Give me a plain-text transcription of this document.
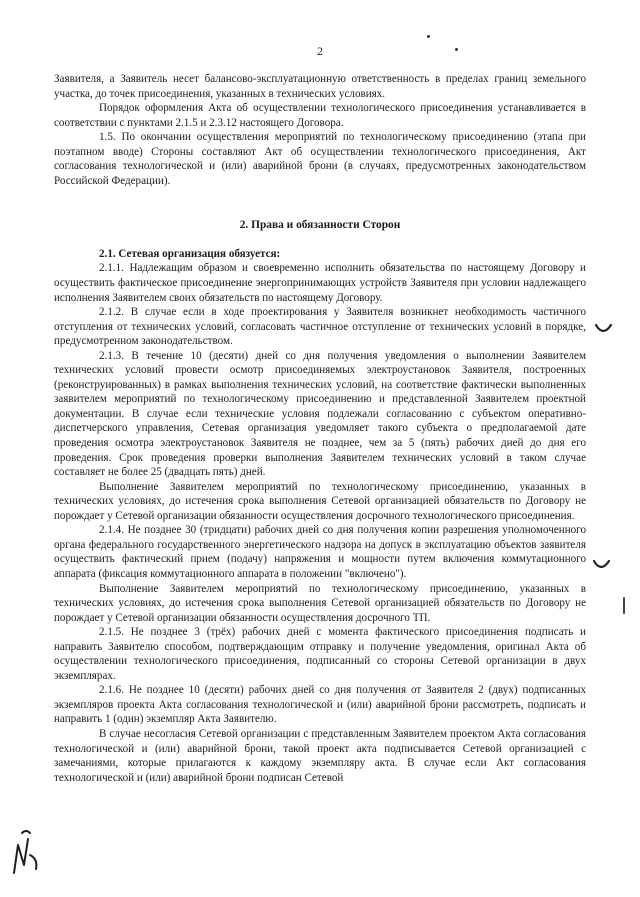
2

Заявителя, а Заявитель несет балансово-эксплуатационную ответственность в пределах границ земельного участка, до точек присоединения, указанных в технических условиях.

Порядок оформления Акта об осуществлении технологического присоединения устанавливается в соответствии с пунктами 2.1.5 и 2.3.12 настоящего Договора.

1.5. По окончании осуществления мероприятий по технологическому присоединению (этапа при поэтапном вводе) Стороны составляют Акт об осуществлении технологического присоединения, Акт согласования технологической и (или) аварийной брони (в случаях, предусмотренных законодательством Российской Федерации).

2. Права и обязанности Сторон

2.1. Сетевая организация обязуется:

2.1.1. Надлежащим образом и своевременно исполнить обязательства по настоящему Договору и осуществить фактическое присоединение энергопринимающих устройств Заявителя при условии надлежащего исполнения Заявителем своих обязательств по настоящему Договору.

2.1.2. В случае если в ходе проектирования у Заявителя возникнет необходимость частичного отступления от технических условий, согласовать частичное отступление от технических условий в порядке, предусмотренном законодательством.

2.1.3. В течение 10 (десяти) дней со дня получения уведомления о выполнении Заявителем технических условий провести осмотр присоединяемых электроустановок Заявителя, построенных (реконструированных) в рамках выполнения технических условий, на соответствие фактически выполненных заявителем мероприятий по технологическому присоединению и представленной Заявителем проектной документации. В случае если технические условия подлежали согласованию с субъектом оперативно-диспетчерского управления, Сетевая организация уведомляет такого субъекта о предполагаемой дате проведения осмотра электроустановок Заявителя не позднее, чем за 5 (пять) рабочих дней до дня его проведения. Срок проведения проверки выполнения Заявителем технических условий в таком случае составляет не более 25 (двадцать пять) дней.

Выполнение Заявителем мероприятий по технологическому присоединению, указанных в технических условиях, до истечения срока выполнения Сетевой организацией обязательств по Договору не порождает у Сетевой организации обязанности осуществления досрочного технологического присоединения.

2.1.4. Не позднее 30 (тридцати) рабочих дней со дня получения копии разрешения уполномоченного органа федерального государственного энергетического надзора на допуск в эксплуатацию объектов заявителя осуществить фактический прием (подачу) напряжения и мощности путем включения коммутационного аппарата (фиксация коммутационного аппарата в положении "включено").

Выполнение Заявителем мероприятий по технологическому присоединению, указанных в технических условиях, до истечения срока выполнения Сетевой организацией обязательств по Договору не порождает у Сетевой организации обязанности осуществления досрочного ТП.

2.1.5. Не позднее 3 (трёх) рабочих дней с момента фактического присоединения подписать и направить Заявителю способом, подтверждающим отправку и получение уведомления, оригинал Акта об осуществлении технологического присоединения, подписанный со стороны Сетевой организации в двух экземплярах.

2.1.6. Не позднее 10 (десяти) рабочих дней со дня получения от Заявителя 2 (двух) подписанных экземпляров проекта Акта согласования технологической и (или) аварийной брони рассмотреть, подписать и направить 1 (один) экземпляр Акта Заявителю.

В случае несогласия Сетевой организации с представленным Заявителем проектом Акта согласования технологической и (или) аварийной брони, такой проект акта подписывается Сетевой организацией с замечаниями, которые прилагаются к каждому экземпляру акта. В случае если Акт согласования технологической и (или) аварийной брони подписан Сетевой
